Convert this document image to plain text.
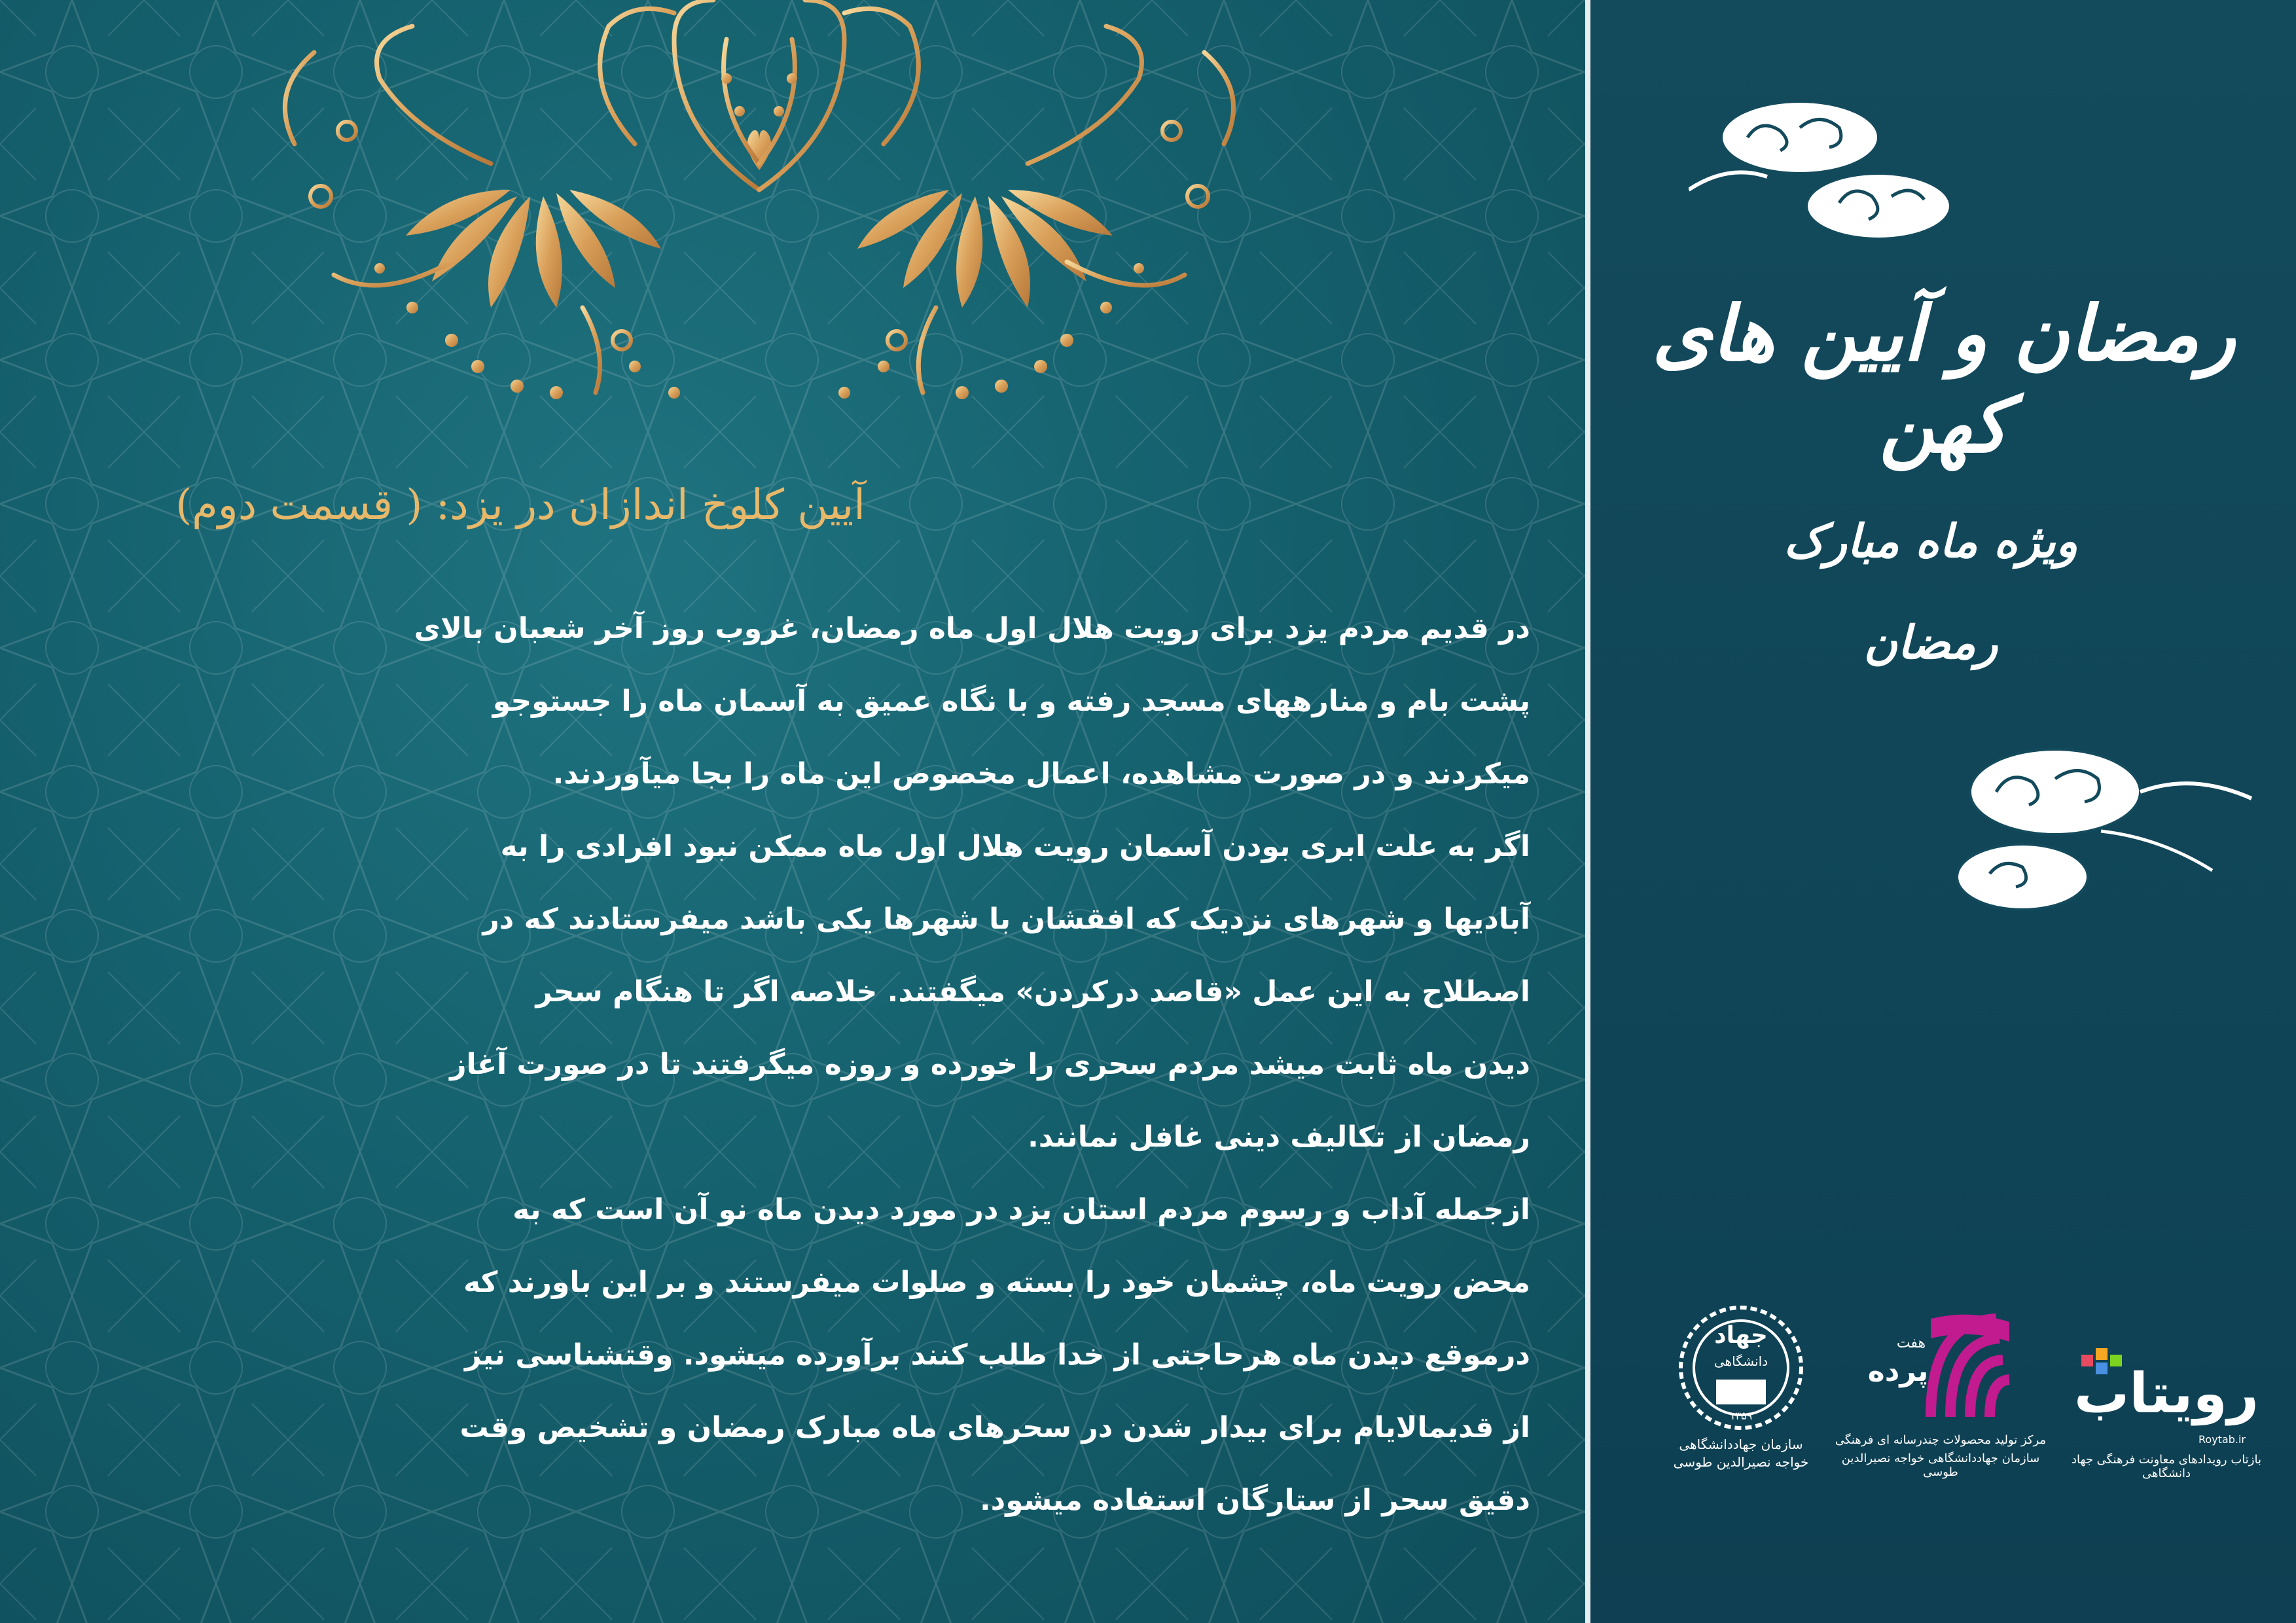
آیین کلوخ اندازان در یزد: ( قسمت دوم)

در قدیم مردم یزد برای رویت هلال اول ماه رمضان، غروب روز آخر شعبان بالای

پشت بام و منارههای مسجد رفته و با نگاه عمیق به آسمان ماه را جستوجو

میکردند و در صورت مشاهده، اعمال مخصوص این ماه را بجا میآوردند.

اگر به علت ابری بودن آسمان رویت هلال اول ماه ممکن نبود افرادی را به

آبادیها و شهرهای نزدیک که افقشان با شهرها یکی باشد میفرستادند که در

اصطلاح به این عمل «قاصد درکردن» میگفتند. خلاصه اگر تا هنگام سحر

دیدن ماه ثابت میشد مردم سحری را خورده و روزه میگرفتند تا در صورت آغاز

رمضان از تکالیف دینی غافل نمانند.

ازجمله آداب و رسوم مردم استان یزد در مورد دیدن ماه نو آن است که به

محض رویت ماه، چشمان خود را بسته و صلوات میفرستند و بر این باورند که

درموقع دیدن ماه هرحاجتی از خدا طلب کنند برآورده میشود. وقتشناسی نیز

از قدیمالایام برای بیدار شدن در سحرهای ماه مبارک رمضان و تشخیص وقت

دقیق سحر از ستارگان استفاده میشود.

رمضان و آیین های کهن
ویژه ماه مبارک
رمضان
جهاد
دانشگاهی
۱۳۵۹
سازمان جهاددانشگاهی
خواجه نصیرالدین طوسی
پرده
هفت
مرکز تولید محصولات چندرسانه ای فرهنگی
سازمان جهاددانشگاهی خواجه نصیرالدین طوسی
رویتاب
Roytab.ir
بازتاب رویدادهای معاونت فرهنگی جهاد دانشگاهی
